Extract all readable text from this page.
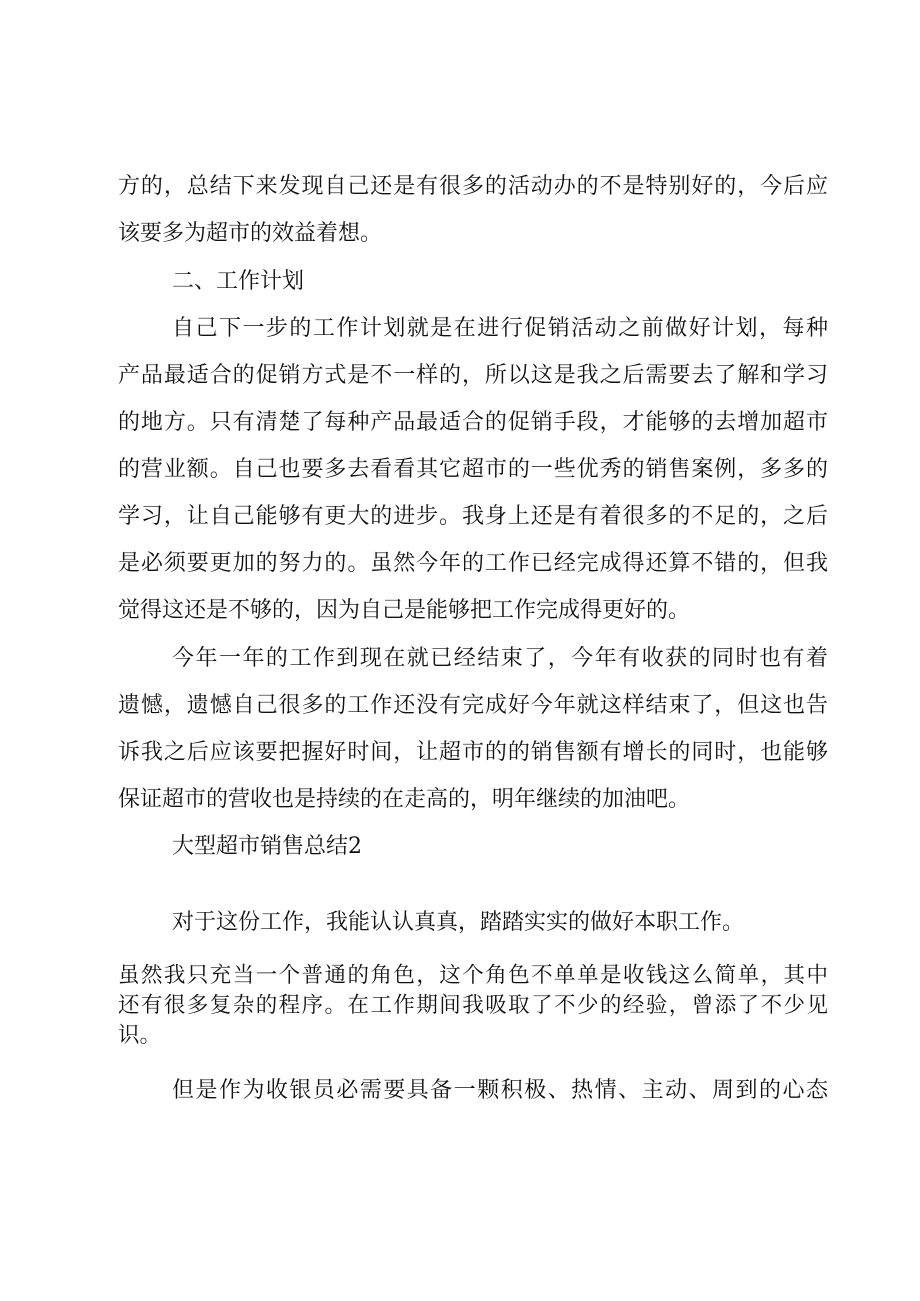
方的，总结下来发现自己还是有很多的活动办的不是特别好的，今后应
该要多为超市的效益着想。
二、工作计划
自己下一步的工作计划就是在进行促销活动之前做好计划，每种
产品最适合的促销方式是不一样的，所以这是我之后需要去了解和学习
的地方。只有清楚了每种产品最适合的促销手段，才能够的去增加超市
的营业额。自己也要多去看看其它超市的一些优秀的销售案例，多多的
学习，让自己能够有更大的进步。我身上还是有着很多的不足的，之后
是必须要更加的努力的。虽然今年的工作已经完成得还算不错的，但我
觉得这还是不够的，因为自己是能够把工作完成得更好的。
今年一年的工作到现在就已经结束了，今年有收获的同时也有着
遗憾，遗憾自己很多的工作还没有完成好今年就这样结束了，但这也告
诉我之后应该要把握好时间，让超市的的销售额有增长的同时，也能够
保证超市的营收也是持续的在走高的，明年继续的加油吧。
大型超市销售总结2
对于这份工作，我能认认真真，踏踏实实的做好本职工作。
虽然我只充当一个普通的角色，这个角色不单单是收钱这么简单，其中
还有很多复杂的程序。在工作期间我吸取了不少的经验，曾添了不少见
识。
但是作为收银员必需要具备一颗积极、热情、主动、周到的心态
